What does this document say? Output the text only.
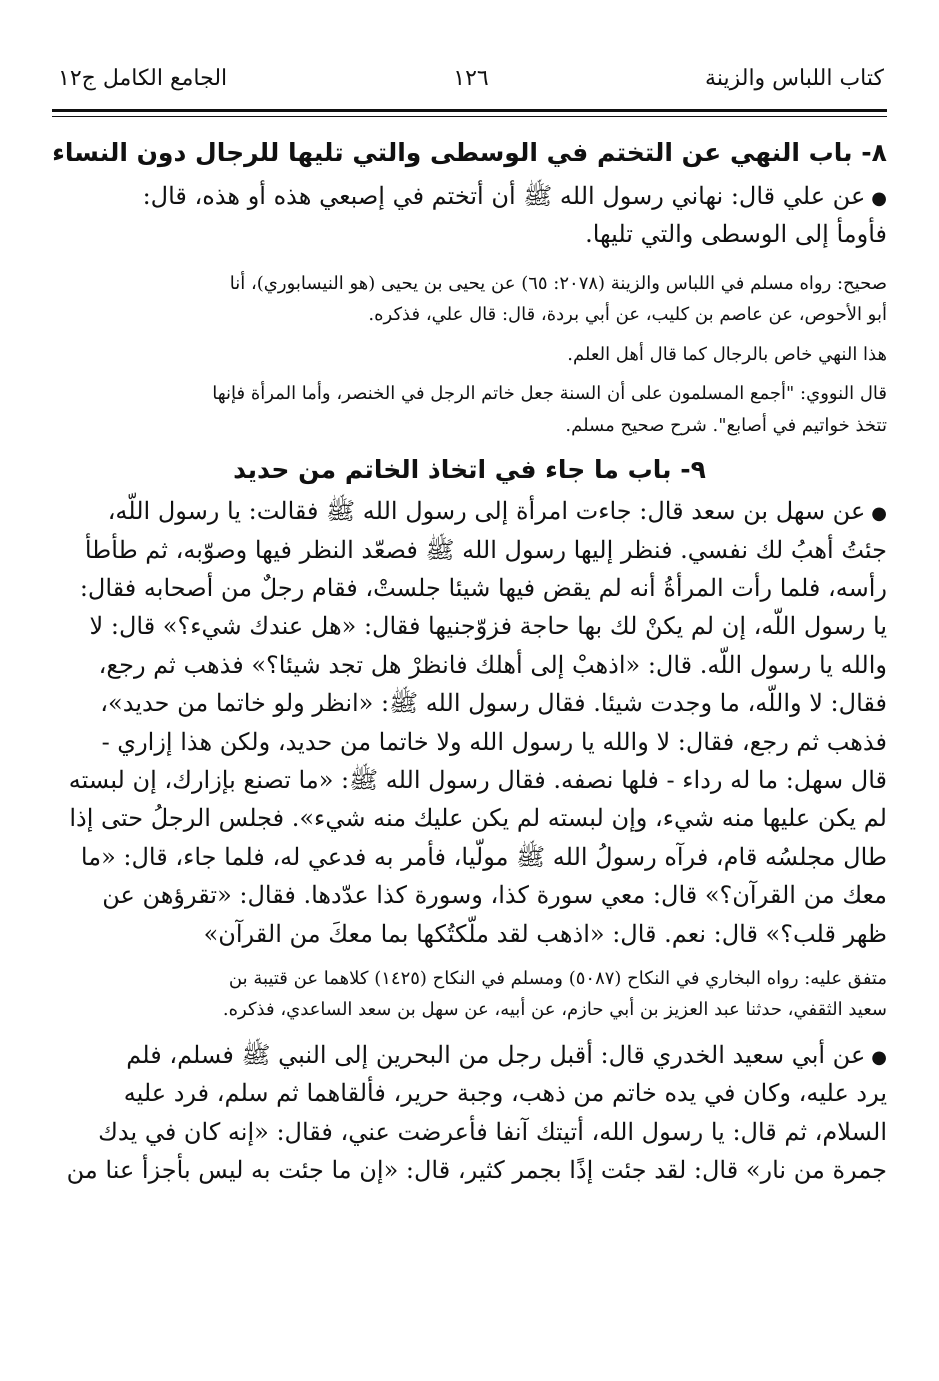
كتاب اللباس والزينة
١٢٦
الجامع الكامل ج١٢
٨- باب النهي عن التختم في الوسطى والتي تليها للرجال دون النساء

●عن علي قال: نهاني رسول الله ﷺ أن أتختم في إصبعي هذه أو هذه، قال:

فأومأ إلى الوسطى والتي تليها.

صحيح: رواه مسلم في اللباس والزينة (٢٠٧٨: ٦٥) عن يحيى بن يحيى (هو النيسابوري)، أنا

أبو الأحوص، عن عاصم بن كليب، عن أبي بردة، قال: قال علي، فذكره.

هذا النهي خاص بالرجال كما قال أهل العلم.

قال النووي: "أجمع المسلمون على أن السنة جعل خاتم الرجل في الخنصر، وأما المرأة فإنها

تتخذ خواتيم في أصابع". شرح صحيح مسلم.

٩- باب ما جاء في اتخاذ الخاتم من حديد

●عن سهل بن سعد قال: جاءت امرأة إلى رسول الله ﷺ فقالت: يا رسول اللّه،

جئتُ أهبُ لك نفسي. فنظر إليها رسول الله ﷺ فصعّد النظر فيها وصوّبه، ثم طأطأ

رأسه، فلما رأت المرأةُ أنه لم يقض فيها شيئا جلستْ، فقام رجلٌ من أصحابه فقال:

يا رسول اللّه، إن لم يكنْ لك بها حاجة فزوّجنيها فقال: «هل عندك شيء؟» قال: لا

والله يا رسول اللّه. قال: «اذهبْ إلى أهلك فانظرْ هل تجد شيئا؟» فذهب ثم رجع،

فقال: لا واللّه، ما وجدت شيئا. فقال رسول الله ﷺ: «انظر ولو خاتما من حديد»،

فذهب ثم رجع، فقال: لا والله يا رسول الله ولا خاتما من حديد، ولكن هذا إزاري -

قال سهل: ما له رداء - فلها نصفه. فقال رسول الله ﷺ: «ما تصنع بإزارك، إن لبسته

لم يكن عليها منه شيء، وإن لبسته لم يكن عليك منه شيء». فجلس الرجلُ حتى إذا

طال مجلسُه قام، فرآه رسولُ الله ﷺ مولّيا، فأمر به فدعي له، فلما جاء، قال: «ما

معك من القرآن؟» قال: معي سورة كذا، وسورة كذا عدّدها. فقال: «تقرؤهن عن

ظهر قلب؟» قال: نعم. قال: «اذهب لقد ملّكتُكها بما معكَ من القرآن»

متفق عليه: رواه البخاري في النكاح (٥٠٨٧) ومسلم في النكاح (١٤٢٥) كلاهما عن قتيبة بن

سعيد الثقفي، حدثنا عبد العزيز بن أبي حازم، عن أبيه، عن سهل بن سعد الساعدي، فذكره.

●عن أبي سعيد الخدري قال: أقبل رجل من البحرين إلى النبي ﷺ فسلم، فلم

يرد عليه، وكان في يده خاتم من ذهب، وجبة حرير، فألقاهما ثم سلم، فرد عليه

السلام، ثم قال: يا رسول الله، أتيتك آنفا فأعرضت عني، فقال: «إنه كان في يدك

جمرة من نار» قال: لقد جئت إذًا بجمر كثير، قال: «إن ما جئت به ليس بأجزأ عنا من
